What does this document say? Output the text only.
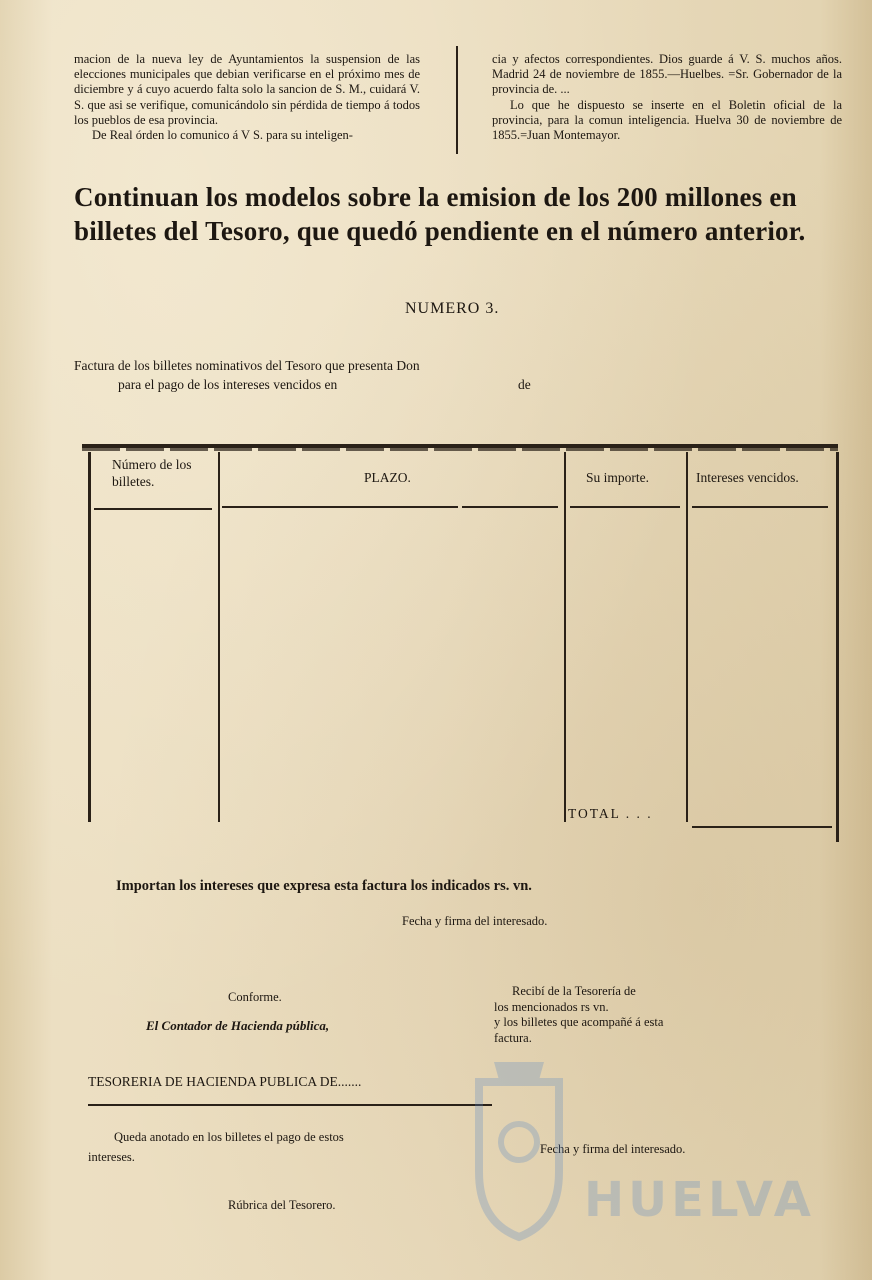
macion de la nueva ley de Ayuntamientos la suspension de las elecciones municipales que debian verificarse en el próximo mes de diciembre y á cuyo acuerdo falta solo la sancion de S. M., cuidará V. S. que asi se verifique, comunicándolo sin pérdida de tiempo á todos los pueblos de esa provincia.

De Real órden lo comunico á V S. para su inteligen-

cia y afectos correspondientes. Dios guarde á V. S. muchos años. Madrid 24 de noviembre de 1855.—Huelbes. =Sr. Gobernador de la provincia de. ...

Lo que he dispuesto se inserte en el Boletin oficial de la provincia, para la comun inteligencia. Huelva 30 de noviembre de 1855.=Juan Montemayor.

Continuan los modelos sobre la emision de los 200 millones en billetes del Tesoro, que quedó pendiente en el número anterior.
NUMERO 3.
Factura de los billetes nominativos del Tesoro que presenta Don
para el pago de los intereses vencidos en	de
Número de los billetes.	PLAZO.	Su importe.	Intereses vencidos.
TOTAL . . .
Importan los intereses que expresa esta factura los indicados rs. vn.
Fecha y firma del interesado.
Conforme.
El Contador de Hacienda pública,
Recibí de la Tesorería de
los mencionados rs vn.
y los billetes que acompañé á esta
factura.
TESORERIA DE HACIENDA PUBLICA DE.......
Queda anotado en los billetes el pago de estos
intereses.
Fecha y firma del interesado.
Rúbrica del Tesorero.	HUELVA
